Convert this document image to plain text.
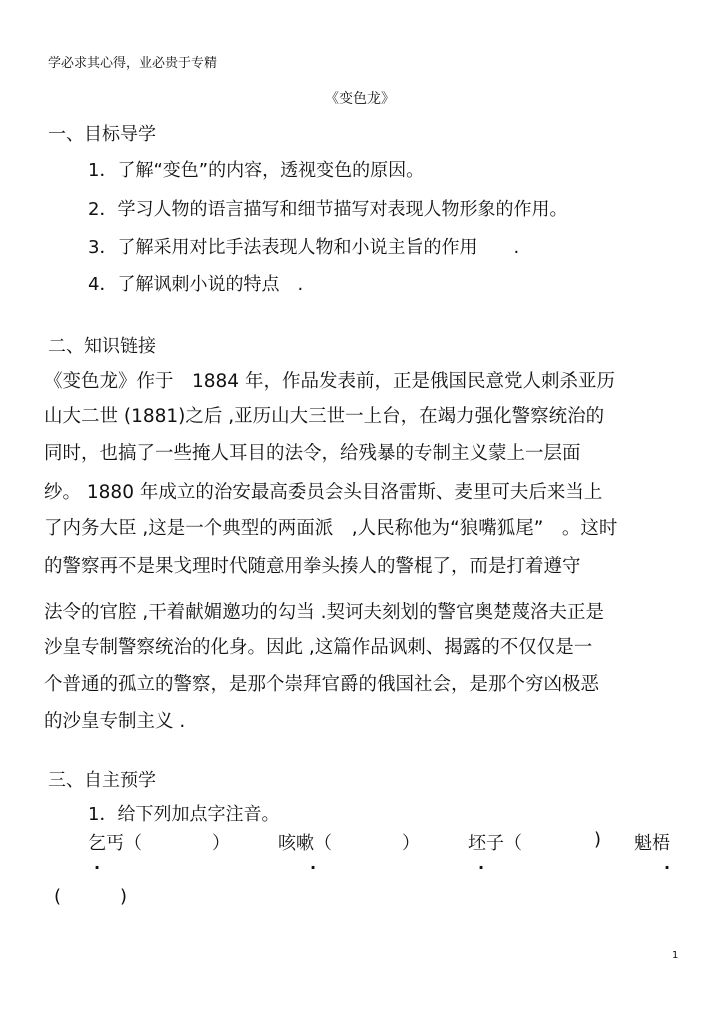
学必求其心得，业必贵于专精
《变色龙》
一、目标导学
1．了解“变色”的内容，透视变色的原因。
2．学习人物的语言描写和细节描写对表现人物形象的作用。
3．了解采用对比手法表现人物和小说主旨的作用　　.
4．了解讽刺小说的特点　.
二、知识链接
《变色龙》作于　1884 年，作品发表前，正是俄国民意党人刺杀亚历
山大二世 (1881)之后 ,亚历山大三世一上台，在竭力强化警察统治的
同时，也搞了一些掩人耳目的法令，给残暴的专制主义蒙上一层面
纱。 1880 年成立的治安最高委员会头目洛雷斯、麦里可夫后来当上
了内务大臣 ,这是一个典型的两面派　,人民称他为“狼嘴狐尾”　。这时
的警察再不是果戈理时代随意用拳头揍人的警棍了，而是打着遵守
法令的官腔 ,干着献媚邀功的勾当 .契诃夫刻划的警官奥楚蔑洛夫正是
沙皇专制警察统治的化身。因此 ,这篇作品讽刺、揭露的不仅仅是一
个普通的孤立的警察，是那个崇拜官爵的俄国社会，是那个穷凶极恶
的沙皇专制主义 .
三、自主预学
1．给下列加点字注音。
乞丐（	）	咳嗽（	）	坯子（	) 魁梧
.	.	.	.
(	)
1
